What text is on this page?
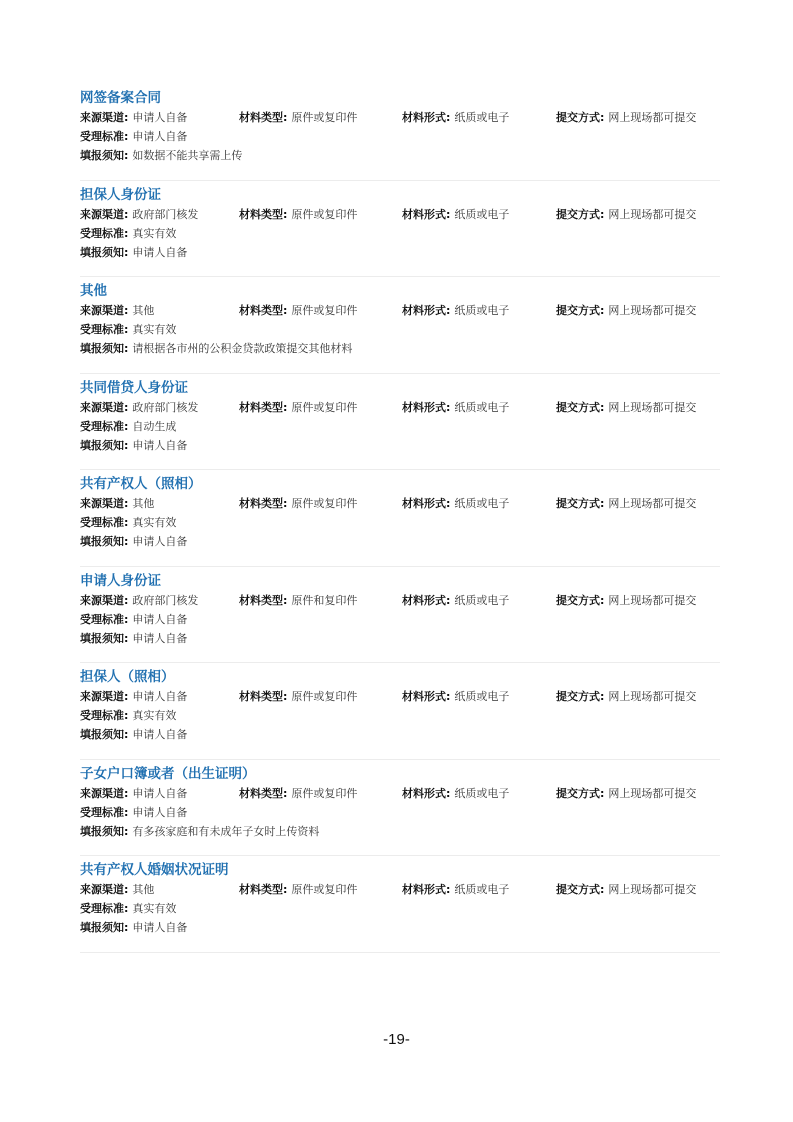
网签备案合同
来源渠道: 申请人自备	材料类型: 原件或复印件	材料形式: 纸质或电子	提交方式: 网上现场都可提交
受理标准: 申请人自备
填报须知: 如数据不能共享需上传
担保人身份证
来源渠道: 政府部门核发	材料类型: 原件或复印件	材料形式: 纸质或电子	提交方式: 网上现场都可提交
受理标准: 真实有效
填报须知: 申请人自备
其他
来源渠道: 其他	材料类型: 原件或复印件	材料形式: 纸质或电子	提交方式: 网上现场都可提交
受理标准: 真实有效
填报须知: 请根据各市州的公积金贷款政策提交其他材料
共同借贷人身份证
来源渠道: 政府部门核发	材料类型: 原件或复印件	材料形式: 纸质或电子	提交方式: 网上现场都可提交
受理标准: 自动生成
填报须知: 申请人自备
共有产权人（照相）
来源渠道: 其他	材料类型: 原件或复印件	材料形式: 纸质或电子	提交方式: 网上现场都可提交
受理标准: 真实有效
填报须知: 申请人自备
申请人身份证
来源渠道: 政府部门核发	材料类型: 原件和复印件	材料形式: 纸质或电子	提交方式: 网上现场都可提交
受理标准: 申请人自备
填报须知: 申请人自备
担保人（照相）
来源渠道: 申请人自备	材料类型: 原件或复印件	材料形式: 纸质或电子	提交方式: 网上现场都可提交
受理标准: 真实有效
填报须知: 申请人自备
子女户口簿或者（出生证明）
来源渠道: 申请人自备	材料类型: 原件或复印件	材料形式: 纸质或电子	提交方式: 网上现场都可提交
受理标准: 申请人自备
填报须知: 有多孩家庭和有未成年子女时上传资料
共有产权人婚姻状况证明
来源渠道: 其他	材料类型: 原件或复印件	材料形式: 纸质或电子	提交方式: 网上现场都可提交
受理标准: 真实有效
填报须知: 申请人自备
-19-
